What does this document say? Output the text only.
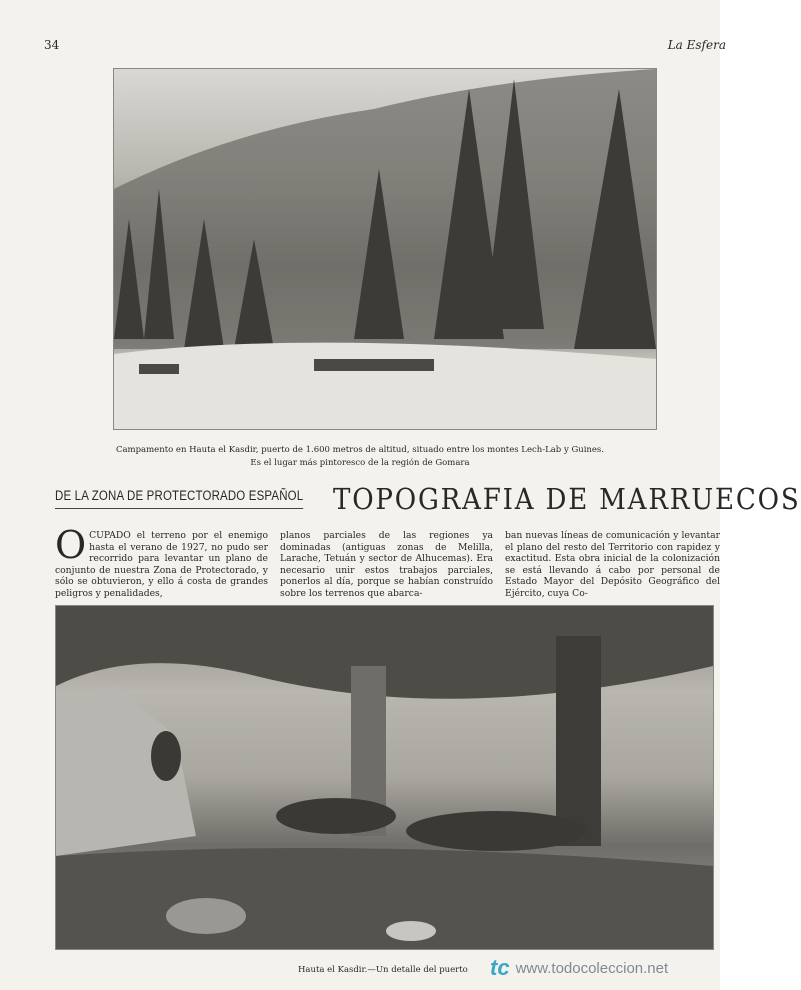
34	La Esfera
Campamento en Hauta el Kasdir, puerto de 1.600 metros de altitud, situado entre los montes Lech-Lab y Guines.
Es el lugar más pintoresco de la región de Gomara
DE LA ZONA DE PROTECTORADO ESPAÑOL TOPOGRAFIA DE MARRUECOS
OCUPADO el terreno por el enemigo hasta el verano de 1927, no pudo ser recorrido para levantar un plano de conjunto de nuestra Zona de Protectorado, y sólo se obtuvieron, y ello á costa de grandes peligros y penalidades,
planos parciales de las regiones ya dominadas (antiguas zonas de Melilla, Larache, Tetuán y sector de Alhucemas). Era necesario unir estos trabajos parciales, ponerlos al día, porque se habían construído sobre los terrenos que abarca-
ban nuevas líneas de comunicación y levantar el plano del resto del Territorio con rapidez y exactitud. Esta obra inicial de la colonización se está llevando á cabo por personal de Estado Mayor del Depósito Geográfico del Ejército, cuya Co-
Hauta el Kasdir.—Un detalle del puerto tc www.todocoleccion.net
